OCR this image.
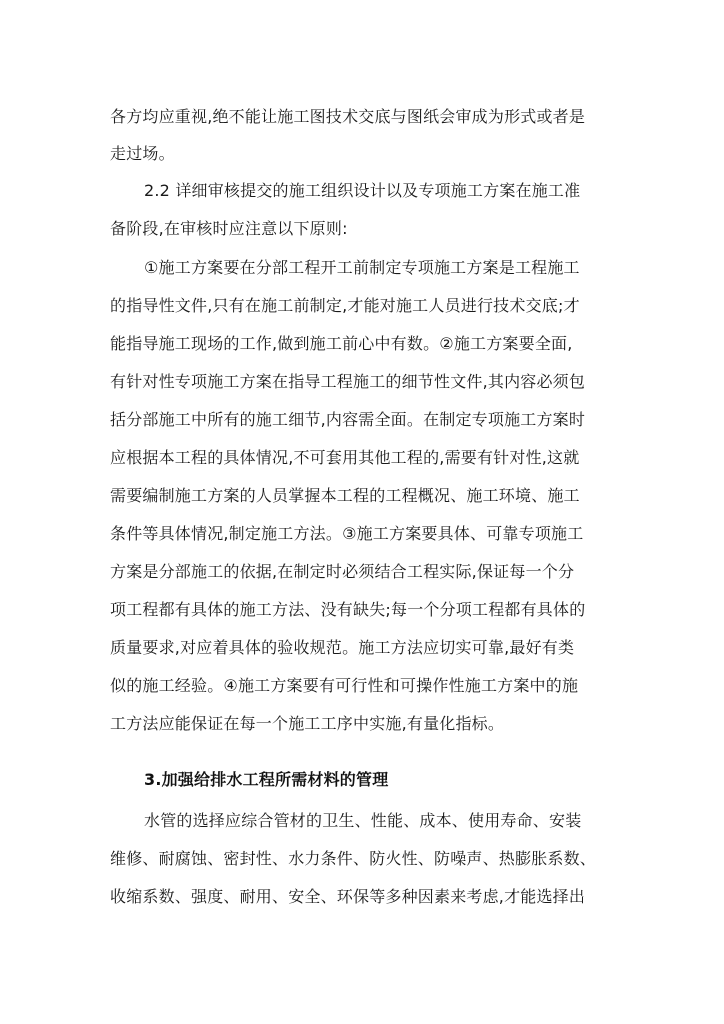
各方均应重视,绝不能让施工图技术交底与图纸会审成为形式或者是
走过场。
2.2 详细审核提交的施工组织设计以及专项施工方案在施工准
备阶段,在审核时应注意以下原则:
①施工方案要在分部工程开工前制定专项施工方案是工程施工
的指导性文件,只有在施工前制定,才能对施工人员进行技术交底;才
能指导施工现场的工作,做到施工前心中有数。②施工方案要全面,
有针对性专项施工方案在指导工程施工的细节性文件,其内容必须包
括分部施工中所有的施工细节,内容需全面。在制定专项施工方案时
应根据本工程的具体情况,不可套用其他工程的,需要有针对性,这就
需要编制施工方案的人员掌握本工程的工程概况、施工环境、施工
条件等具体情况,制定施工方法。③施工方案要具体、可靠专项施工
方案是分部施工的依据,在制定时必须结合工程实际,保证每一个分
项工程都有具体的施工方法、没有缺失;每一个分项工程都有具体的
质量要求,对应着具体的验收规范。施工方法应切实可靠,最好有类
似的施工经验。④施工方案要有可行性和可操作性施工方案中的施
工方法应能保证在每一个施工工序中实施,有量化指标。
3.加强给排水工程所需材料的管理
水管的选择应综合管材的卫生、性能、成本、使用寿命、安装
维修、耐腐蚀、密封性、水力条件、防火性、防噪声、热膨胀系数、
收缩系数、强度、耐用、安全、环保等多种因素来考虑,才能选择出
